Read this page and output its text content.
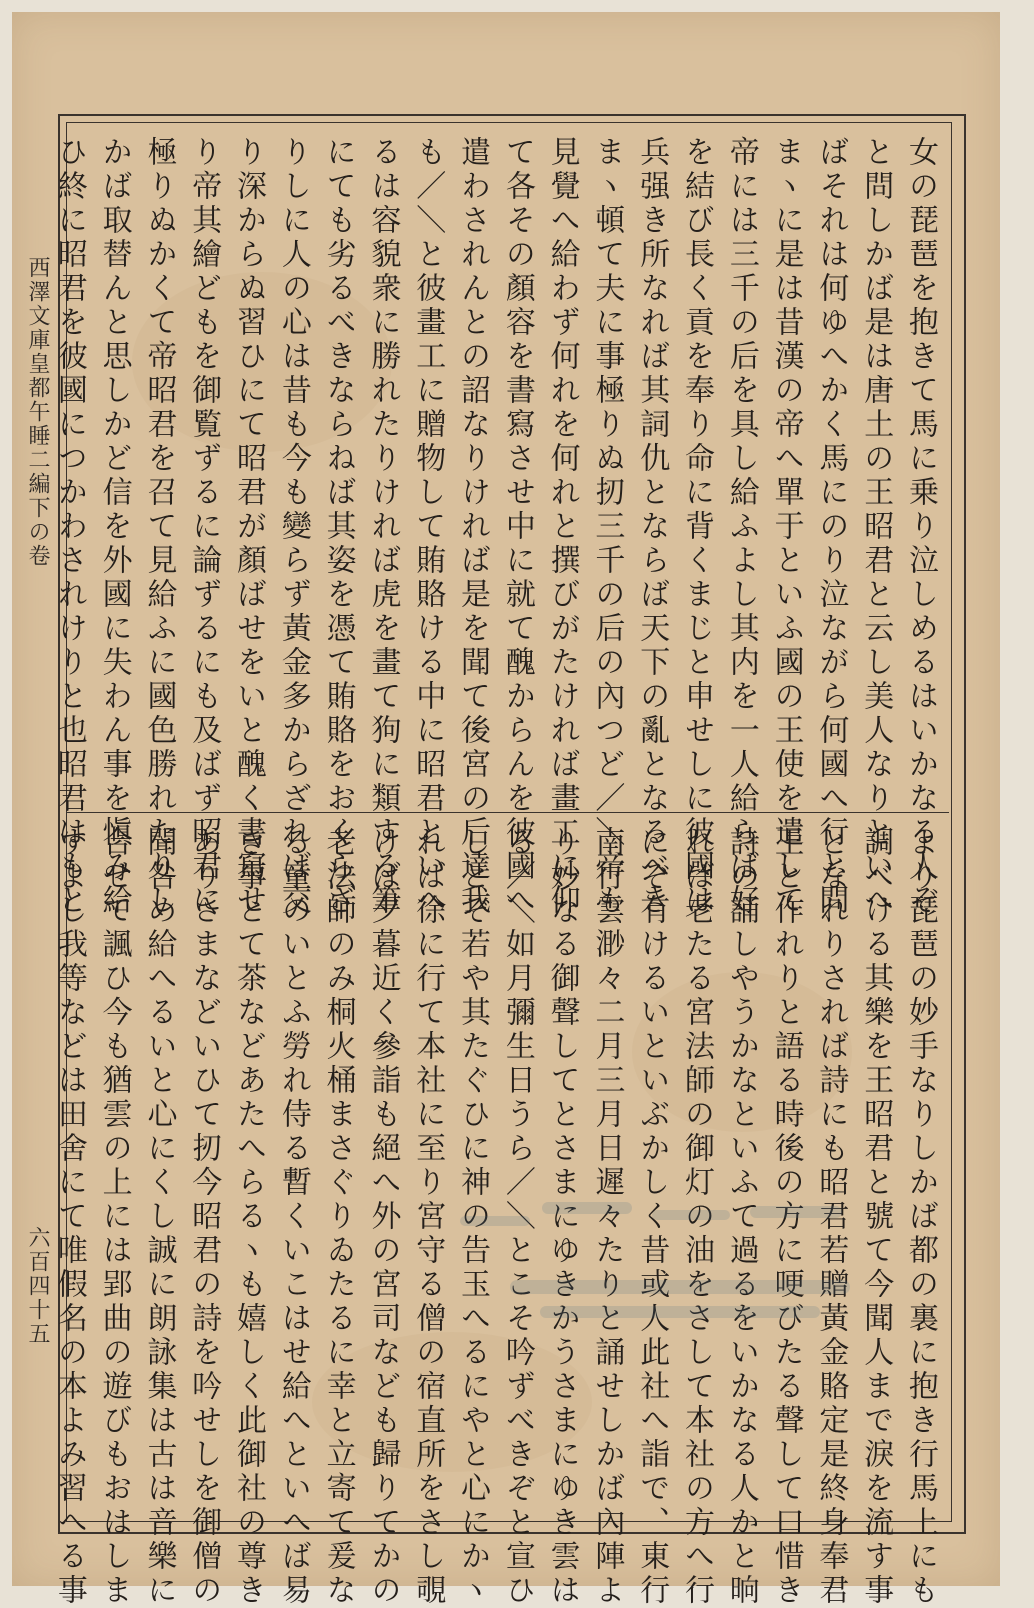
西澤文庫皇都午睡二編下の卷
六百四十五
女の琵琶を抱きて馬に乗り泣しめるはいかなる人ぞ
と問しかば是は唐土の王昭君と云し美人なりといへ
ばそれは何ゆへかく馬にのり泣ながら何國へ行と問
まヽに是は昔漢の帝へ單于といふ國の王使を遣して
帝には三千の后を具し給ふよし其内を一人給らば好
を結び長く貢を奉り命に背くまじと申せしに彼國は
兵强き所なれば其詞仇とならば天下の亂となるべき
まヽ頓て夫に事極りぬ扨三千の后の內つど／＼帝も
見覺へ給わず何れを何れと撰びがたければ畫工に仰
て各その顏容を書寫させ中に就て醜からんを彼國へ
遣わされんとの詔なりければ是を聞て後宮の后達我
も／＼と彼畫工に贈物して賄賂ける中に昭君といへ
るは容貌衆に勝れたりければ虎を畫て狗に類する筆
にても劣るべきならねば其姿を憑て賄賂をおくらざ
りしに人の心は昔も今も變らず黃金多からざれば交
り深からぬ習ひにて昭君が顏ばせをいと醜く書寫せ
り帝其繪どもを御覧ずるに論ずるにも及ばず昭君に
極りぬかくて帝昭君を召て見給ふに國色勝れたりし
かば取替んと思しかど信を外國に失わん事を愼み給
ひ終に昭君を彼國につかわされけりと也昭君はもと
より琵琶の妙手なりしかば都の裏に抱き行馬上にも
調べける其樂を王昭君と號て今聞人まで淚を流す事
となれりされば詩にも昭君若贈黃金賂定是終身奉君
王と作れりと語る時後の方に哽びたる聲して口惜き
詩の誦しやうかなといふて過るをいかなる人かと晌
れば老たる宮法師の御灯の油をさして本社の方へ行
にぞ有けるいといぶかしく昔或人此社へ詣で、東行
南行雲渺々二月三月日遲々たりと誦せしかば內陣よ
り妙なる御聲してとさまにゆきかうさまにゆき雲は
る／＼如月彌生日うら／＼とこそ吟ずべきぞと宣ひ
しとぞ若や其たぐひに神の告玉へるにやと心にかヽ
れば徐に行て本社に至り宮守る僧の宿直所をさし覗
けば夕暮近く參詣も絕へ外の宮司なども歸りてかの
老法師のみ桐火桶まさぐりゐたるに幸と立寄て爰な
る童のいとふ勞れ侍る暫くいこはせ給へといへば易
き事とて茶などあたへらるヽも嬉しく此御社の尊き
ありさまなどいひて扨今昭君の詩を吟せしを御僧の
聞咎め給へるいと心にくし誠に朗詠集は古は音樂に
合せて諷ひ今も猶雲の上には郢曲の遊びもおはしま
すよし我等などは田舍にて唯假名の本よみ習へる事
